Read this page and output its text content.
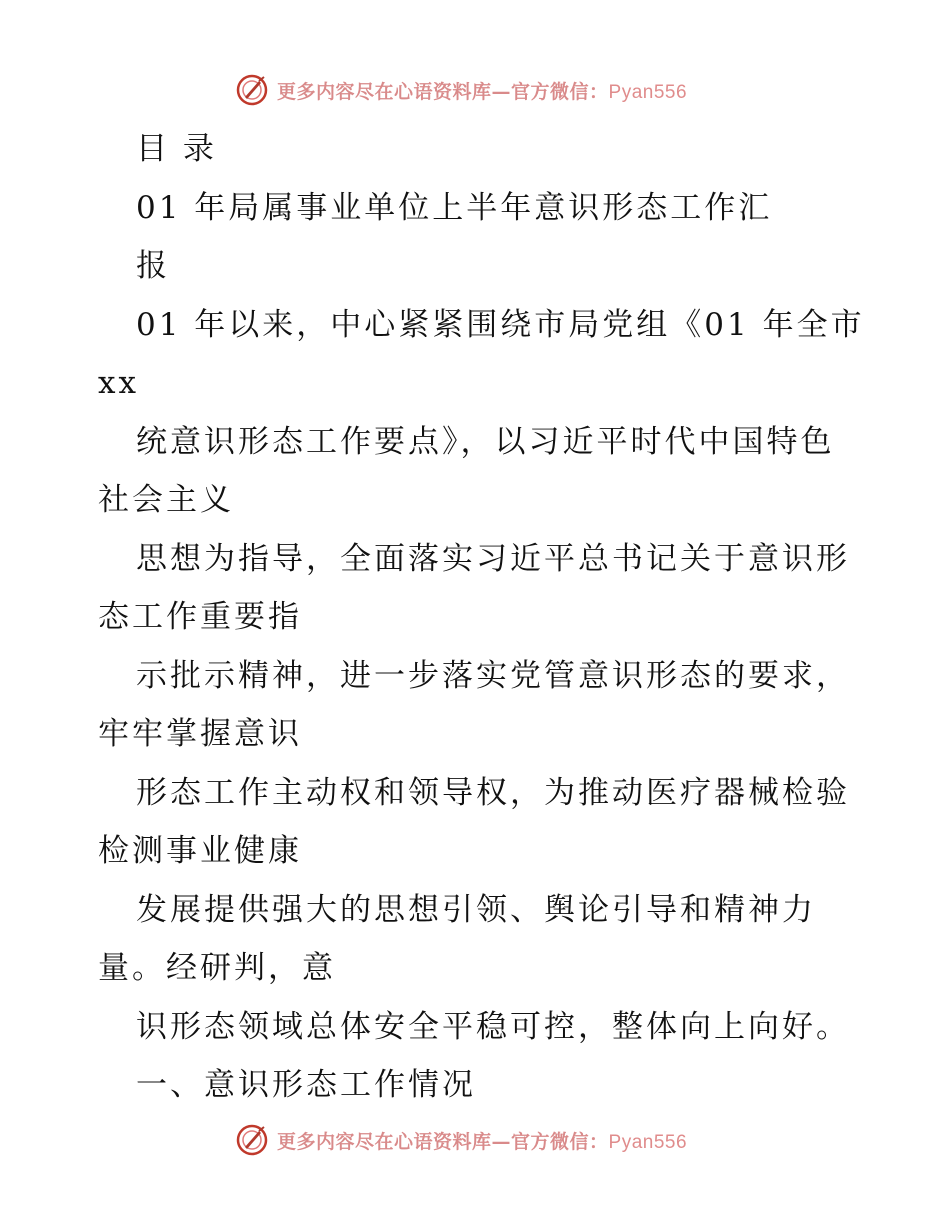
更多内容尽在心语资料库—官方微信：Pyan556
目 录
01 年局属事业单位上半年意识形态工作汇
报
01 年以来，中心紧紧围绕市局党组《01 年全市
xx
统意识形态工作要点》，以习近平时代中国特色
社会主义
思想为指导，全面落实习近平总书记关于意识形
态工作重要指
示批示精神，进一步落实党管意识形态的要求，
牢牢掌握意识
形态工作主动权和领导权，为推动医疗器械检验
检测事业健康
发展提供强大的思想引领、舆论引导和精神力
量。经研判，意
识形态领域总体安全平稳可控，整体向上向好。
一、意识形态工作情况
更多内容尽在心语资料库—官方微信：Pyan556
